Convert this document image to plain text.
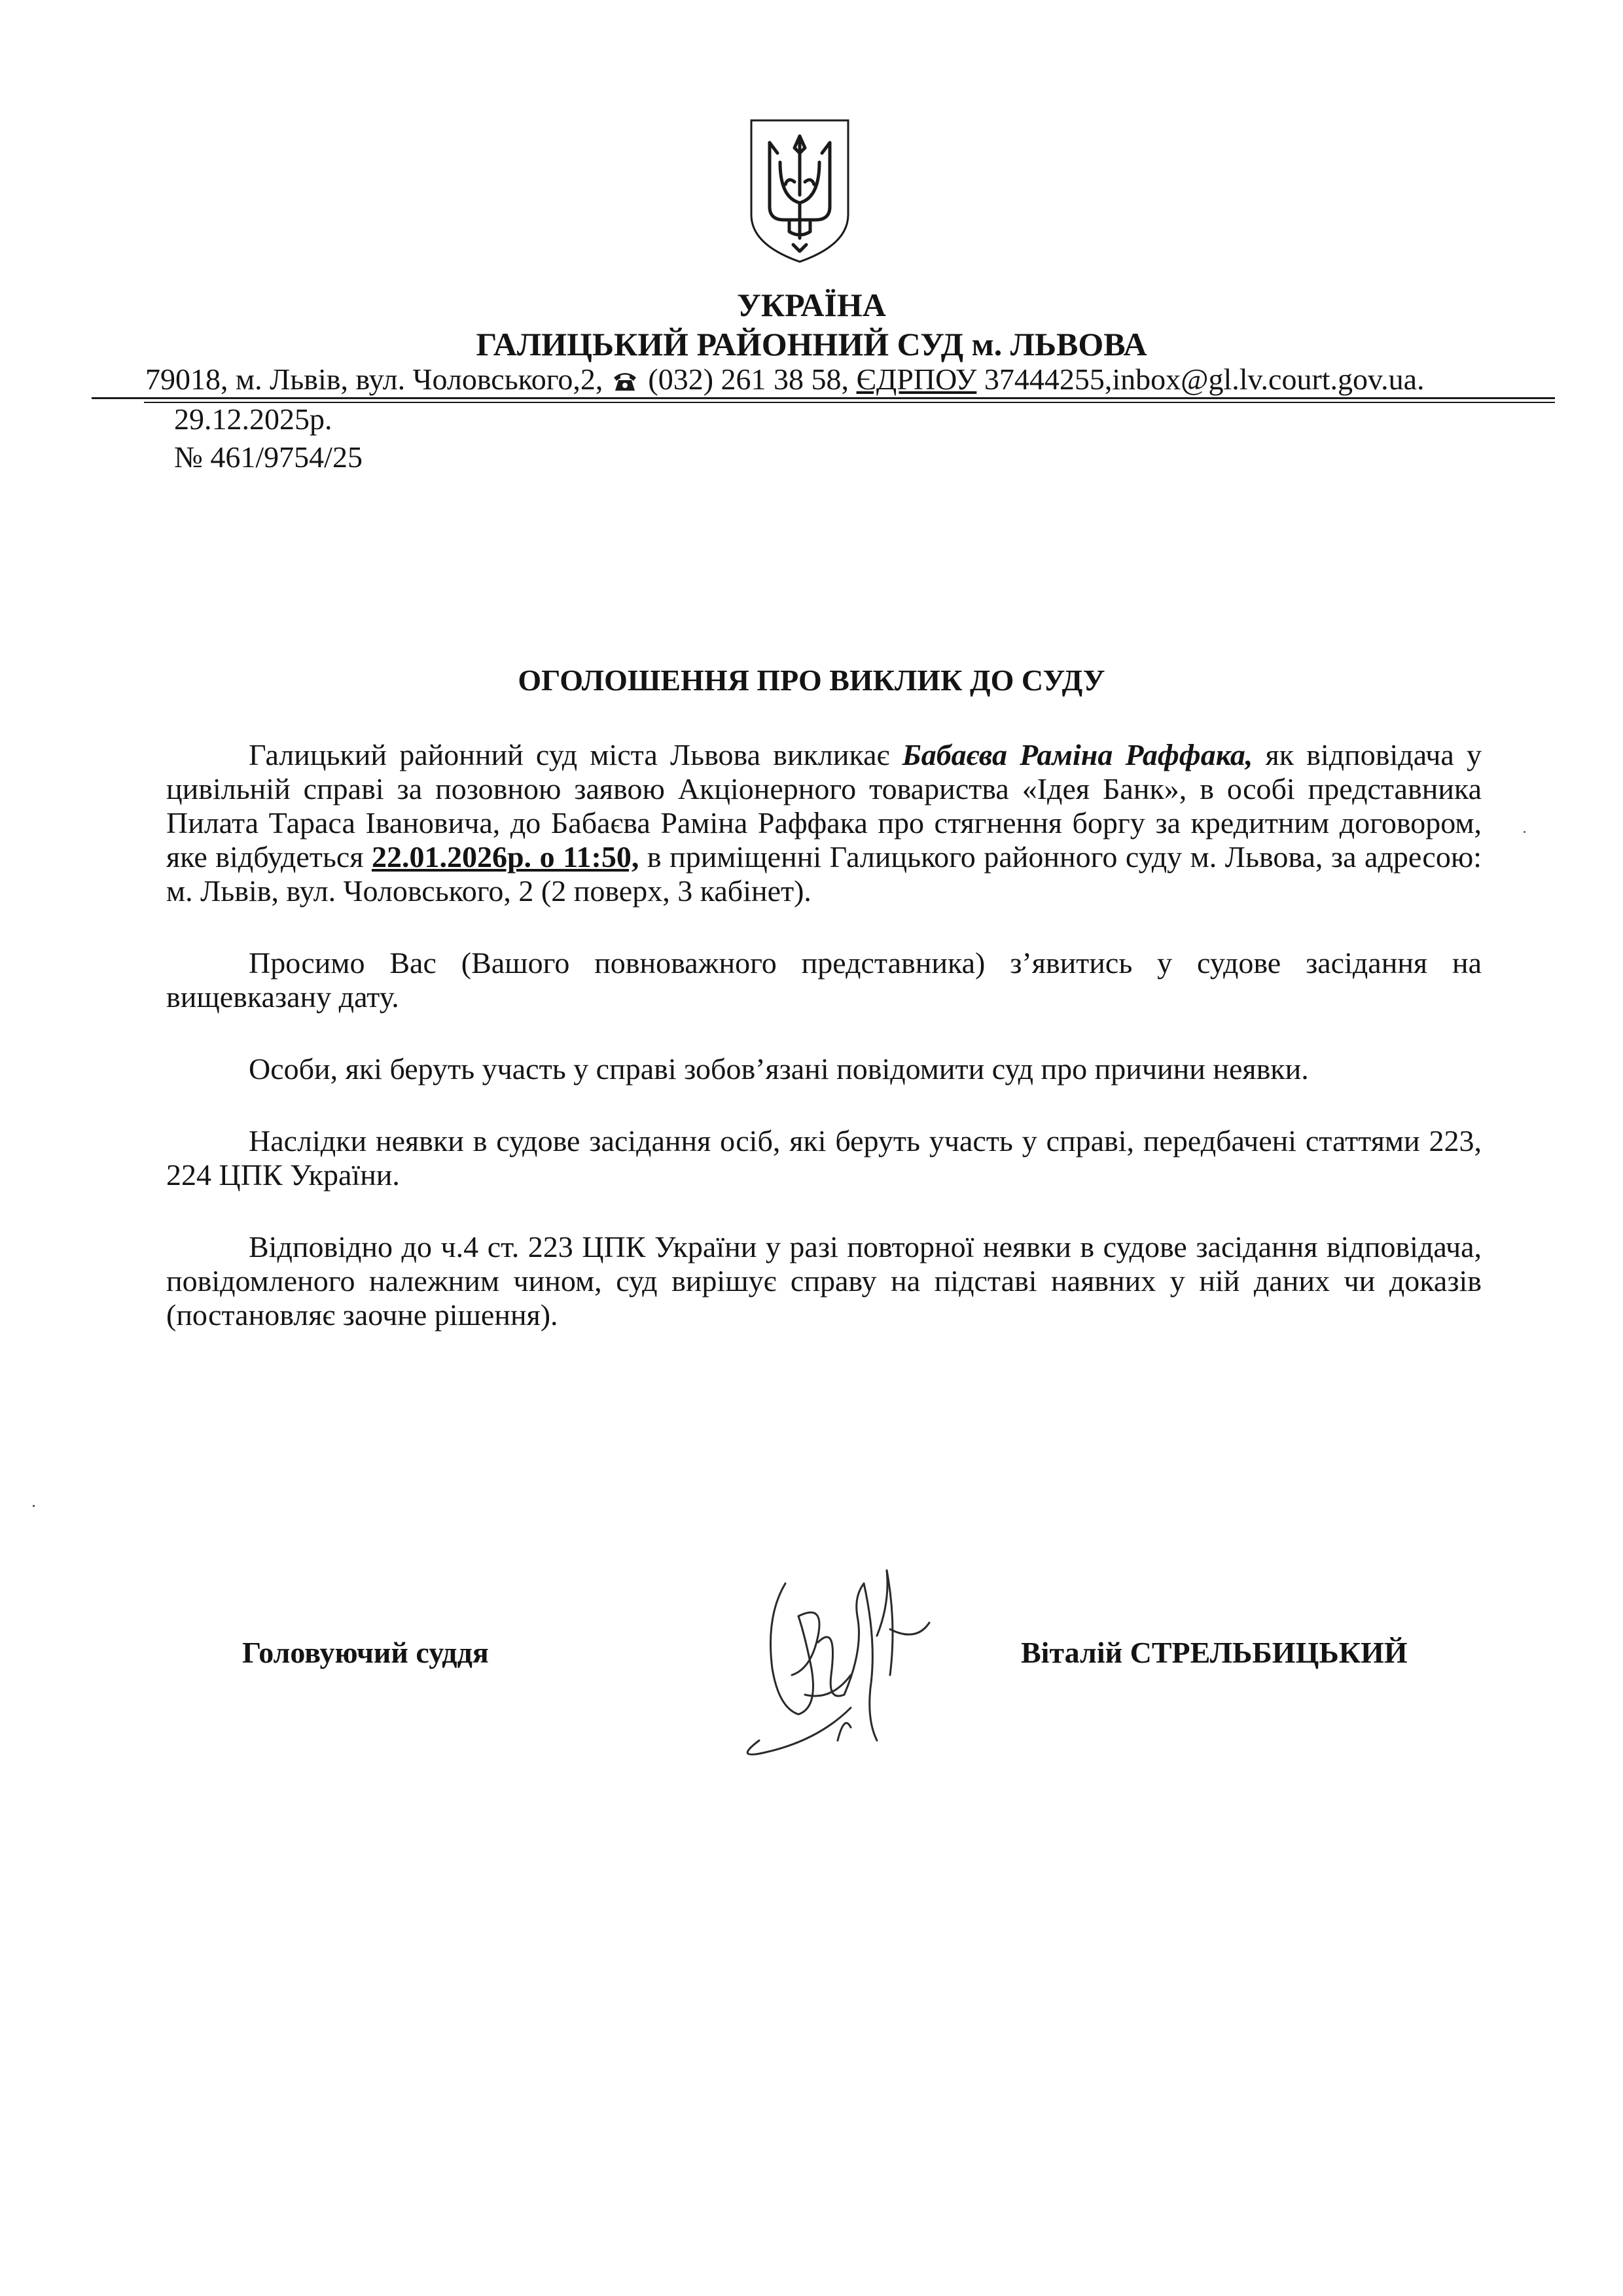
УКРАЇНА
ГАЛИЦЬКИЙ РАЙОННИЙ СУД м. ЛЬВОВА
79018, м. Львів, вул. Чоловського,2, (032) 261 38 58, ЄДРПОУ 37444255,inbox@gl.lv.court.gov.ua.
29.12.2025р.
№ 461/9754/25
ОГОЛОШЕННЯ ПРО ВИКЛИК ДО СУДУ

Галицький районний суд міста Львова викликає Бабаєва Раміна Раффака, як відповідача у цивільній справі за позовною заявою Акціонерного товариства «Ідея Банк», в особі представника Пилата Тараса Івановича, до Бабаєва Раміна Раффака про стягнення боргу за кредитним договором, яке відбудеться 22.01.2026р. о 11:50, в приміщенні Галицького районного суду м. Львова, за адресою: м. Львів, вул. Чоловського, 2 (2 поверх, 3 кабінет).

Просимо Вас (Вашого повноважного представника) з’явитись у судове засідання на вищевказану дату.

Особи, які беруть участь у справі зобов’язані повідомити суд про причини неявки.

Наслідки неявки в судове засідання осіб, які беруть участь у справі, передбачені статтями 223, 224 ЦПК України.

Відповідно до ч.4 ст. 223 ЦПК України у разі повторної неявки в судове засідання відповідача, повідомленого належним чином, суд вирішує справу на підставі наявних у ній даних чи доказів (постановляє заочне рішення).

Головуючий суддя	Віталій СТРЕЛЬБИЦЬКИЙ
